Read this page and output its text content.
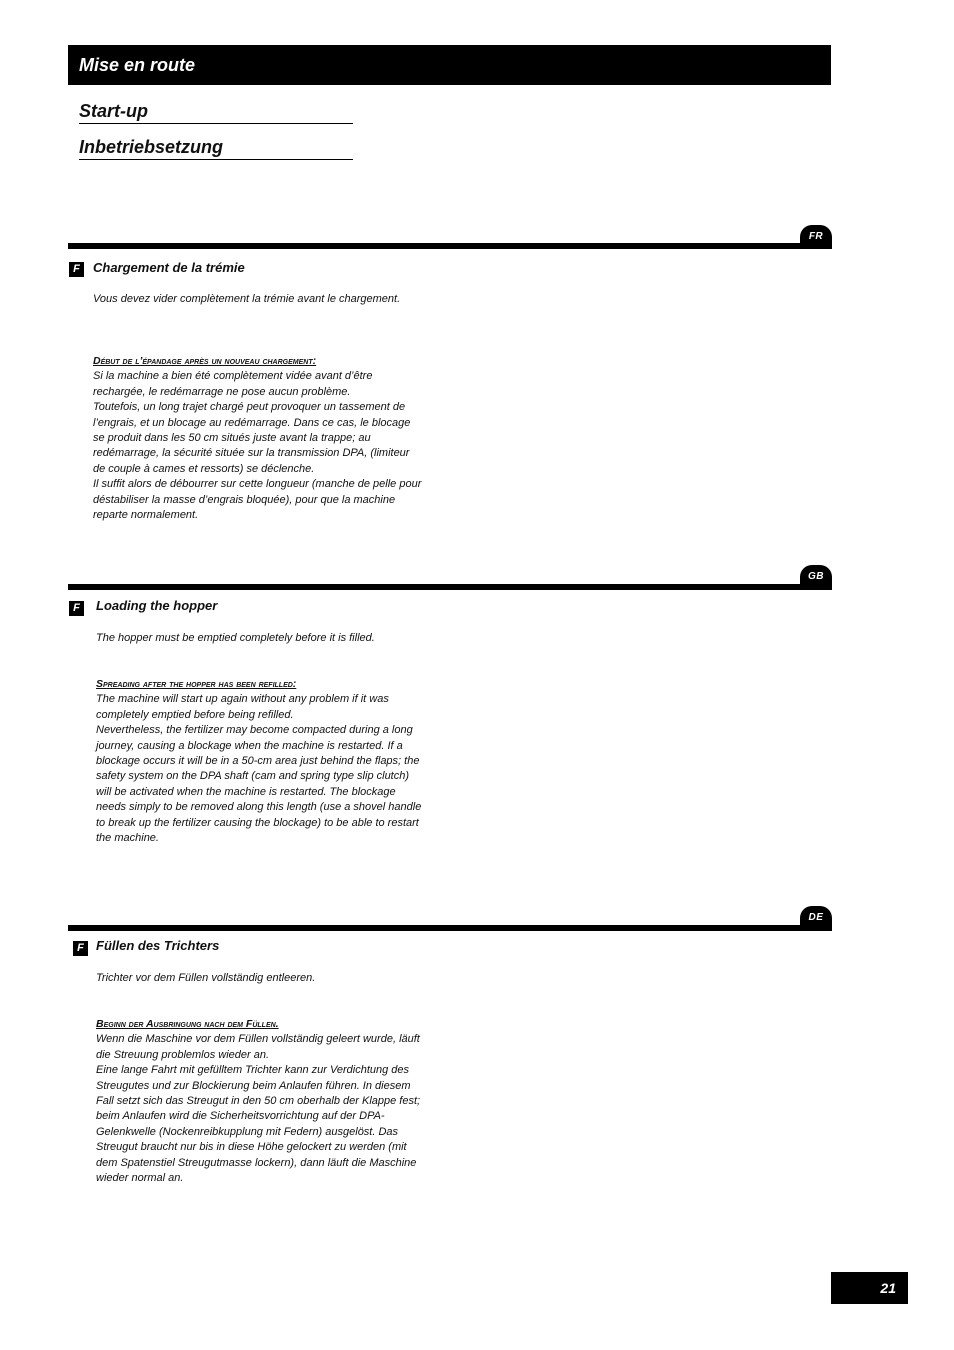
Mise en route
Start-up
Inbetriebsetzung
FR
F	Chargement de la trémie

Vous devez vider complètement la trémie avant le chargement.

Début de l’épandage après un nouveau chargement:
Si la machine a bien été complètement vidée avant d’être rechargée, le redémarrage ne pose aucun problème.
Toutefois, un long trajet chargé peut provoquer un tassement de l’engrais, et un blocage au redémarrage. Dans ce cas, le blocage se produit dans les 50 cm situés juste avant la trappe; au redémarrage, la sécurité située sur la transmission DPA, (limiteur de couple à cames et ressorts) se déclenche.
Il suffit alors de débourrer sur cette longueur (manche de pelle pour déstabiliser la masse d’engrais bloquée), pour que la machine reparte normalement.
GB
F	Loading the hopper

The hopper must be emptied completely before it is filled.

Spreading after the hopper has been refilled:
The machine will start up again without any problem if it was completely emptied before being refilled.
Nevertheless, the fertilizer may become compacted during a long journey, causing a blockage when the machine is restarted. If a blockage occurs it will be in a 50-cm area just behind the flaps; the safety system on the DPA shaft (cam and spring type slip clutch) will be activated when the machine is restarted. The blockage needs simply to be removed along this length (use a shovel handle to break up the fertilizer causing the blockage) to be able to restart the machine.
DE
F Füllen des Trichters

Trichter vor dem Füllen vollständig entleeren.

Beginn der Ausbringung nach dem Füllen.
Wenn die Maschine vor dem Füllen vollständig geleert wurde, läuft die Streuung problemlos wieder an.
Eine lange Fahrt mit gefülltem Trichter kann zur Verdichtung des Streugutes und zur Blockierung beim Anlaufen führen. In diesem Fall setzt sich das Streugut in den 50 cm oberhalb der Klappe fest; beim Anlaufen wird die Sicherheitsvorrichtung auf der DPA-Gelenkwelle (Nockenreibkupplung mit Federn) ausgelöst. Das Streugut braucht nur bis in diese Höhe gelockert zu werden (mit dem Spatenstiel Streugutmasse lockern), dann läuft die Maschine wieder normal an.
21
